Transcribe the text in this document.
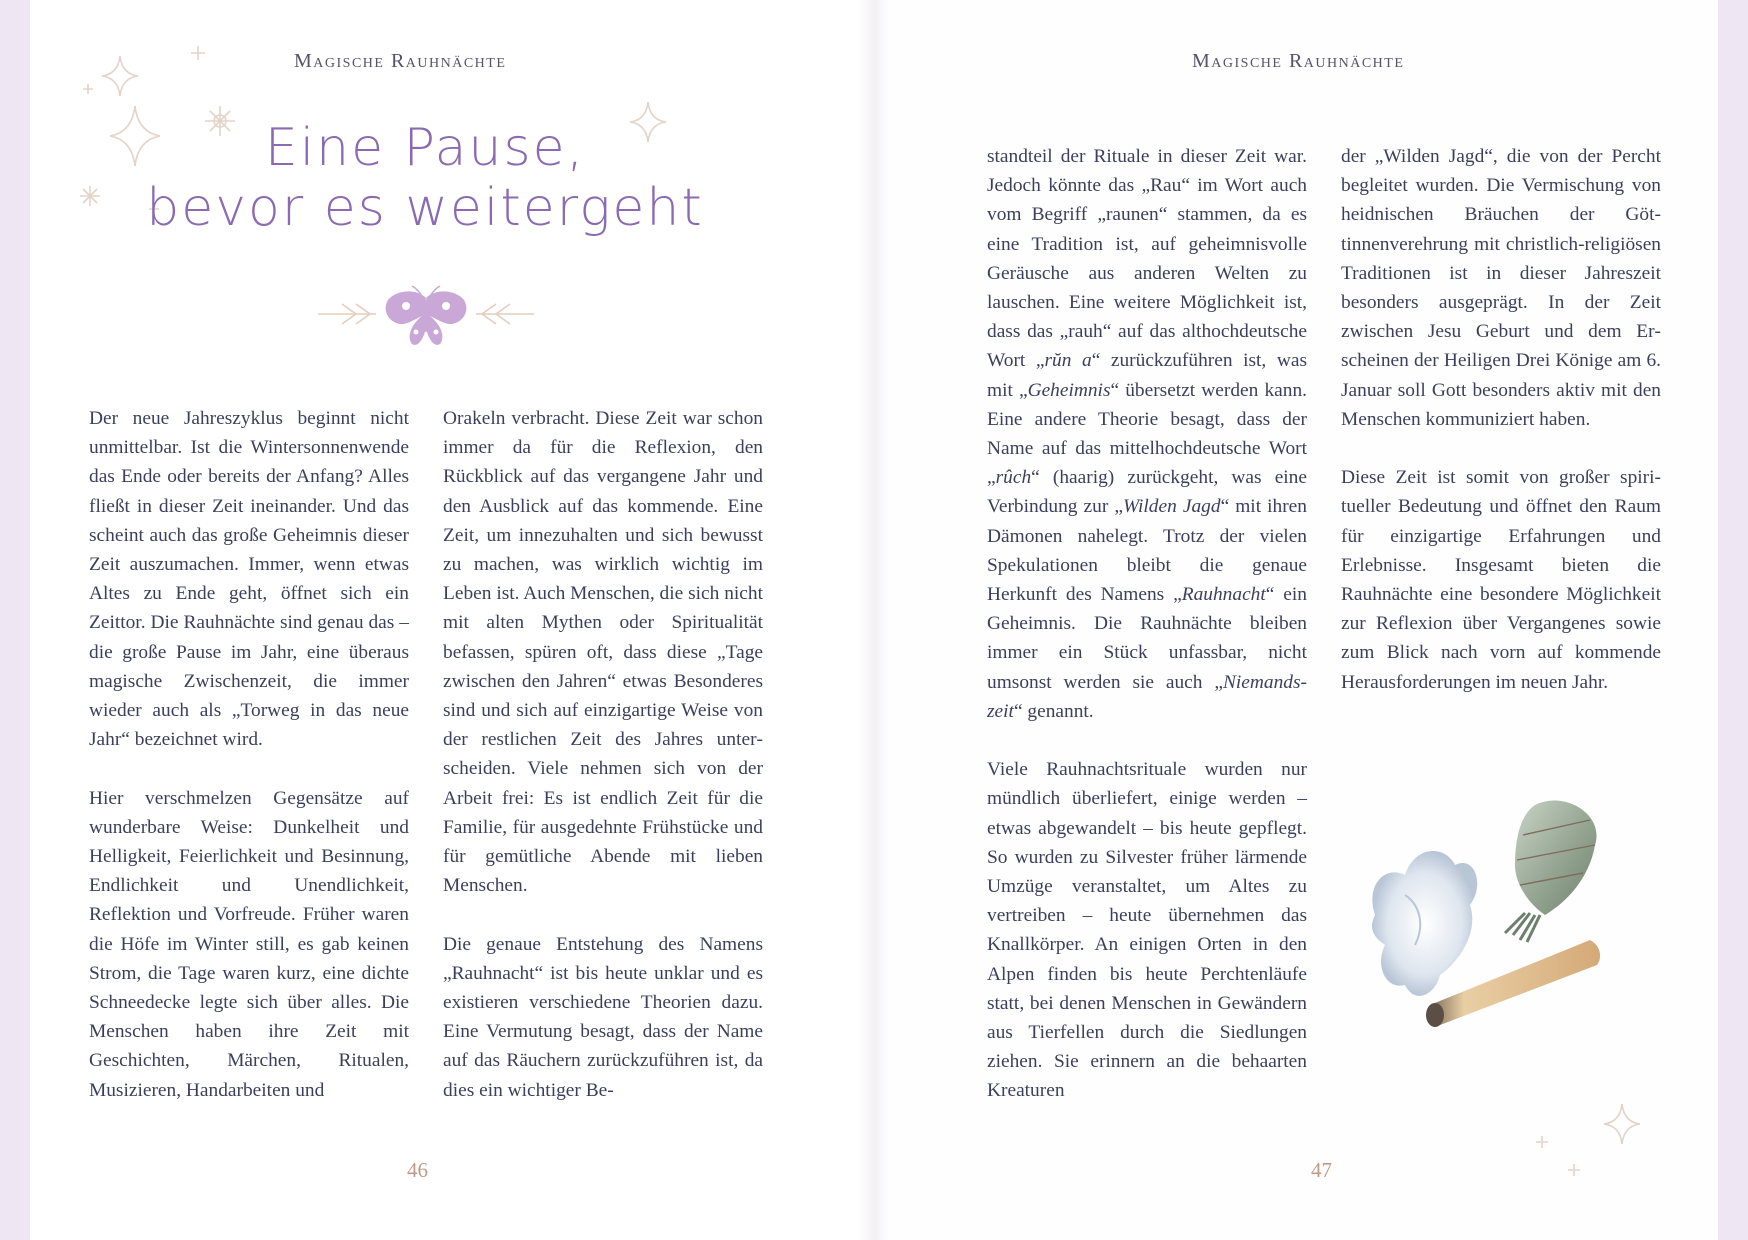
Magische Rauhnächte	Magische Rauhnächte
Eine Pause,
bevor es weitergeht

Der neue Jahreszyklus beginnt nicht unmittelbar. Ist die Wintersonnenwende das Ende oder bereits der Anfang? Alles fließt in dieser Zeit ineinander. Und das scheint auch das große Geheimnis dieser Zeit auszumachen. Immer, wenn etwas Altes zu Ende geht, öffnet sich ein Zeittor. Die Rauhnächte sind genau das – die große Pause im Jahr, eine überaus magische Zwischenzeit, die immer wieder auch als „Torweg in das neue Jahr“ bezeichnet wird.

Hier verschmelzen Gegensätze auf wunderbare Weise: Dunkelheit und Helligkeit, Feierlichkeit und Besinnung, Endlichkeit und Unendlichkeit, Reflektion und Vorfreude. Früher waren die Höfe im Winter still, es gab keinen Strom, die Tage waren kurz, eine dichte Schneedecke legte sich über alles. Die Menschen haben ihre Zeit mit Geschichten, Märchen, Ritualen, Musizieren, Handarbeiten und

Orakeln verbracht. Diese Zeit war schon immer da für die Reflexion, den Rückblick auf das vergangene Jahr und den Ausblick auf das kommende. Eine Zeit, um innezuhalten und sich bewusst zu machen, was wirklich wichtig im Leben ist. Auch Menschen, die sich nicht mit alten Mythen oder Spiritualität befassen, spüren oft, dass diese „Tage zwischen den Jahren“ etwas Besonderes sind und sich auf einzigartige Weise von der restlichen Zeit des Jahres unterscheiden. Viele nehmen sich von der Arbeit frei: Es ist endlich Zeit für die Familie, für ausgedehnte Frühstücke und für gemütliche Abende mit lieben Menschen.

Die genaue Entstehung des Namens „Rauhnacht“ ist bis heute unklar und es existieren verschiedene Theorien dazu. Eine Vermutung besagt, dass der Name auf das Räuchern zurückzuführen ist, da dies ein wichtiger Be-

standteil der Rituale in dieser Zeit war. Jedoch könnte das „Rau“ im Wort auch vom Begriff „raunen“ stammen, da es eine Tradition ist, auf geheimnisvolle Geräusche aus anderen Welten zu lauschen. Eine weitere Möglichkeit ist, dass das „rauh“ auf das althochdeutsche Wort „rŭn a“ zurückzuführen ist, was mit „Geheimnis“ übersetzt werden kann. Eine andere Theorie besagt, dass der Name auf das mittelhochdeutsche Wort „rûch“ (haarig) zurückgeht, was eine Verbindung zur „Wilden Jagd“ mit ihren Dämonen nahelegt. Trotz der vielen Spekulationen bleibt die genaue Herkunft des Namens „Rauhnacht“ ein Geheimnis. Die Rauhnächte bleiben immer ein Stück unfassbar, nicht umsonst werden sie auch „Niemandszeit“ genannt.

Viele Rauhnachtsrituale wurden nur mündlich überliefert, einige werden – etwas abgewandelt – bis heute gepflegt. So wurden zu Silvester früher lärmende Umzüge veranstaltet, um Altes zu vertreiben – heute übernehmen das Knallkörper. An einigen Orten in den Alpen finden bis heute Perchtenläufe statt, bei denen Menschen in Gewändern aus Tierfellen durch die Siedlungen ziehen. Sie erinnern an die behaarten Kreaturen

der „Wilden Jagd“, die von der Percht begleitet wurden. Die Vermischung von heidnischen Bräuchen der Göttinnenverehrung mit christlich-religiösen Traditionen ist in dieser Jahreszeit besonders ausgeprägt. In der Zeit zwischen Jesu Geburt und dem Erscheinen der Heiligen Drei Könige am 6. Januar soll Gott besonders aktiv mit den Menschen kommuniziert haben.

Diese Zeit ist somit von großer spiritueller Bedeutung und öffnet den Raum für einzigartige Erfahrungen und Erlebnisse. Insgesamt bieten die Rauhnächte eine besondere Möglichkeit zur Reflexion über Vergangenes sowie zum Blick nach vorn auf kommende Herausforderungen im neuen Jahr.

46	47
